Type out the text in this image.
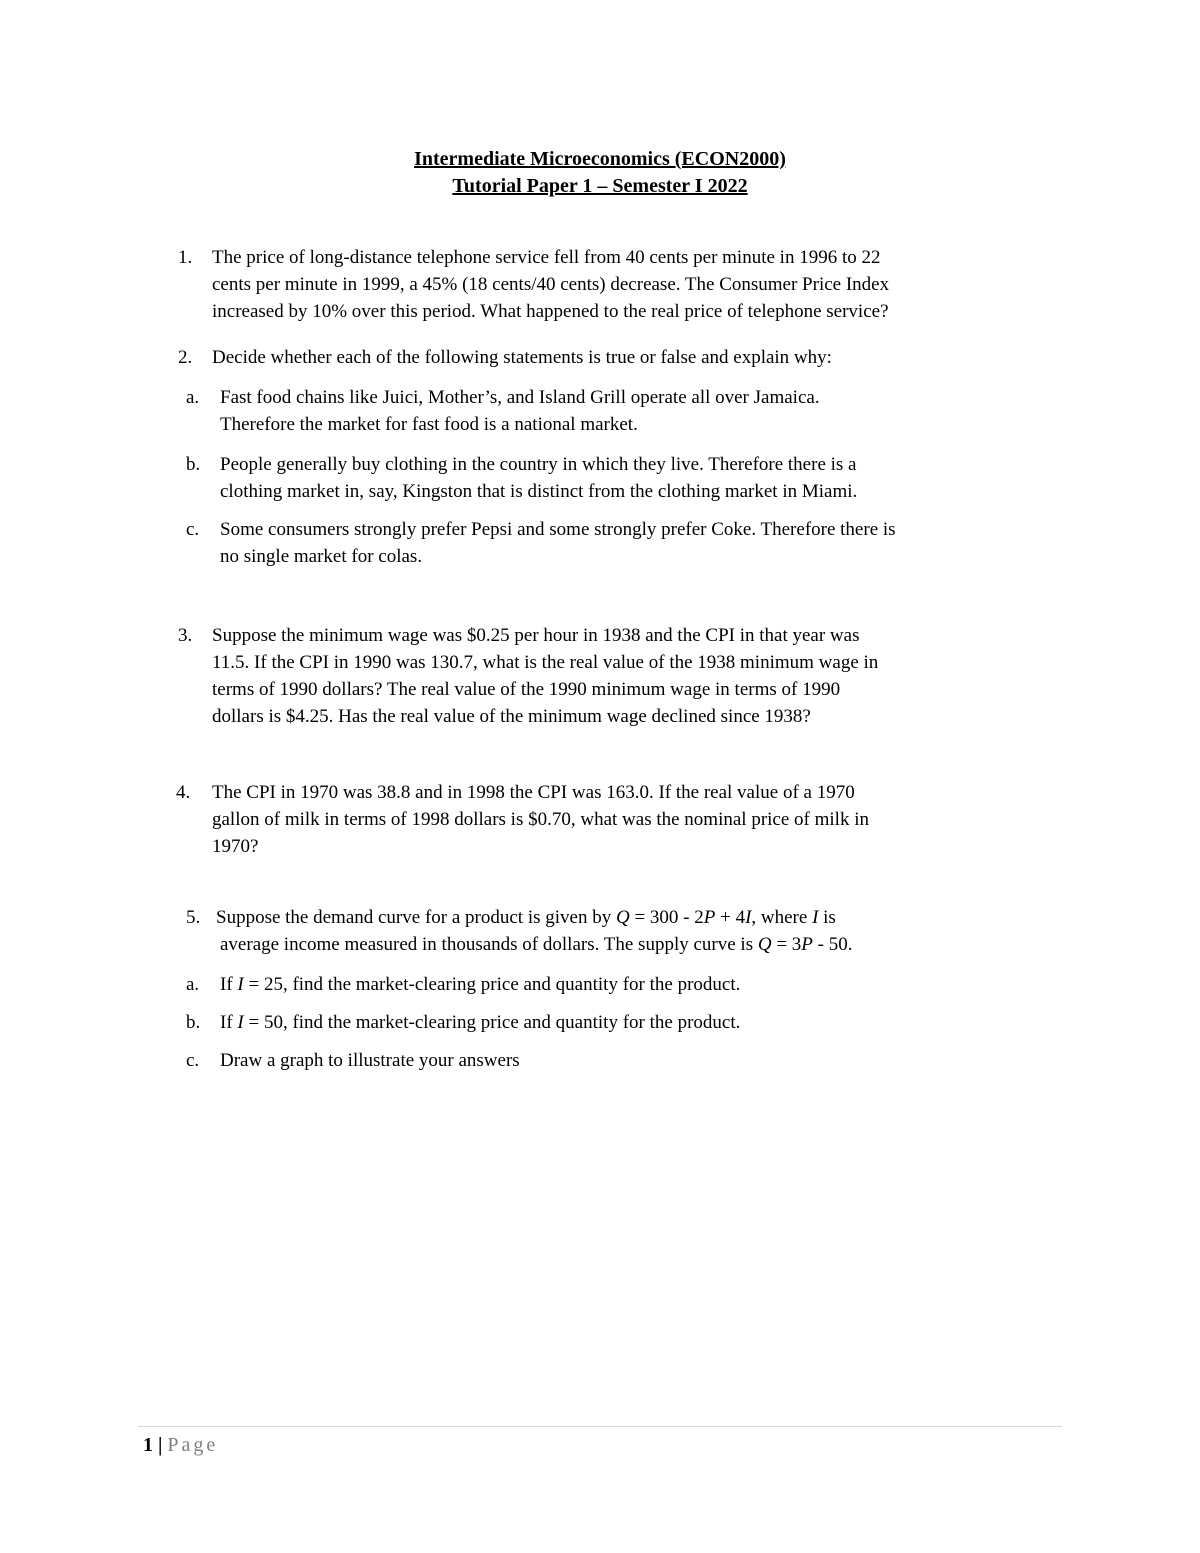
Intermediate Microeconomics (ECON2000)
Tutorial Paper 1 – Semester I 2022
1.	The price of long-distance telephone service fell from 40 cents per minute in 1996 to 22
cents per minute in 1999, a 45% (18 cents/40 cents) decrease. The Consumer Price Index
increased by 10% over this period. What happened to the real price of telephone service?
2.	Decide whether each of the following statements is true or false and explain why:
a.	Fast food chains like Juici, Mother’s, and Island Grill operate all over Jamaica.
Therefore the market for fast food is a national market.
b.	People generally buy clothing in the country in which they live. Therefore there is a
clothing market in, say, Kingston that is distinct from the clothing market in Miami.
c.	Some consumers strongly prefer Pepsi and some strongly prefer Coke. Therefore there is
no single market for colas.
3.	Suppose the minimum wage was $0.25 per hour in 1938 and the CPI in that year was
11.5. If the CPI in 1990 was 130.7, what is the real value of the 1938 minimum wage in
terms of 1990 dollars? The real value of the 1990 minimum wage in terms of 1990
dollars is $4.25. Has the real value of the minimum wage declined since 1938?
4.	The CPI in 1970 was 38.8 and in 1998 the CPI was 163.0. If the real value of a 1970
gallon of milk in terms of 1998 dollars is $0.70, what was the nominal price of milk in
1970?
5. Suppose the demand curve for a product is given by Q = 300 - 2P + 4I, where I is
average income measured in thousands of dollars. The supply curve is Q = 3P - 50.
a.	If I = 25, find the market-clearing price and quantity for the product.
b.	If I = 50, find the market-clearing price and quantity for the product.
c.	Draw a graph to illustrate your answers
1 | Page
